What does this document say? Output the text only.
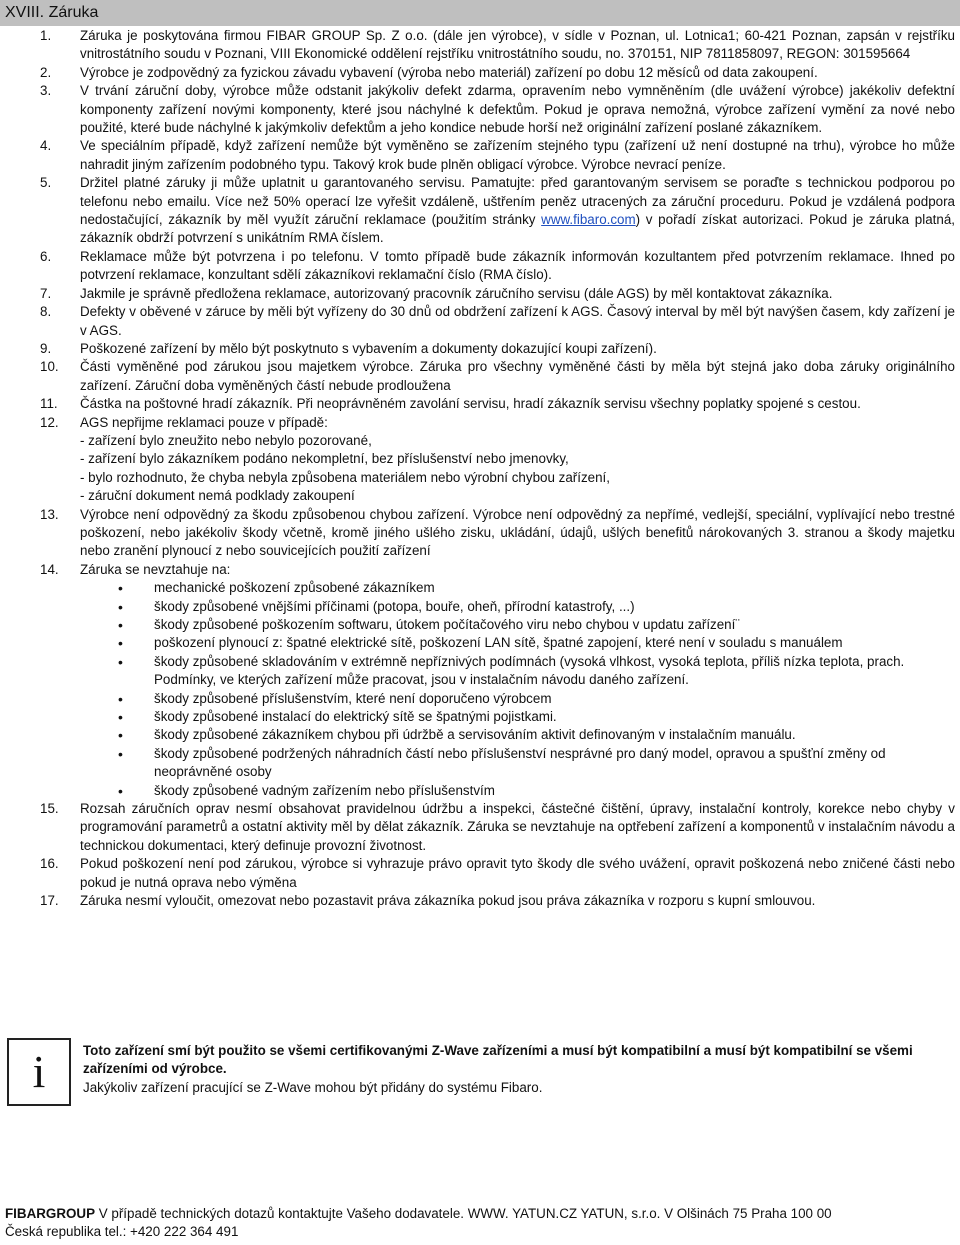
XVIII. Záruka
1.	Záruka je poskytována firmou FIBAR GROUP Sp. Z o.o. (dále jen výrobce), v sídle v Poznan, ul. Lotnica1; 60-421 Poznan, zapsán v rejstříku vnitrostátního soudu v Poznani, VIII Ekonomické oddělení rejstříku vnitrostátního soudu, no. 370151, NIP 7811858097, REGON: 301595664
2.	Výrobce je zodpovědný za fyzickou závadu vybavení (výroba nebo materiál) zařízení po dobu 12 měsíců od data zakoupení.
3.	V trvání záruční doby, výrobce může odstanit jakýkoliv defekt zdarma, opravením nebo vymněněním (dle uvážení výrobce) jakékoliv defektní komponenty zařízení novými komponenty, které jsou náchylné k defektům. Pokud je oprava nemožná, výrobce zařízení vymění za nové nebo použité, které bude náchylné k jakýmkoliv defektům a jeho kondice nebude horší než originální zařízení poslané zákazníkem.
4.	Ve speciálním případě, když zařízení nemůže být vyměněno se zařízením stejného typu (zařízení už není dostupné na trhu), výrobce ho může nahradit jiným zařízením podobného typu. Takový krok bude plněn obligací výrobce. Výrobce nevrací peníze.
5.	Držitel platné záruky ji může uplatnit u garantovaného servisu. Pamatujte: před garantovaným servisem se poraďte s technickou podporou po telefonu nebo emailu. Více než 50% operací lze vyřešit vzdáleně, uštřením peněz utracených za záruční proceduru. Pokud je vzdálená podpora nedostačující, zákazník by měl využít záruční reklamace (použitím stránky www.fibaro.com) v pořadí získat autorizaci. Pokud je záruka platná, zákazník obdrží potvrzení s unikátním RMA číslem.
6.	Reklamace může být potvrzena i po telefonu. V tomto případě bude zákazník informován kozultantem před potvrzením reklamace. Ihned po potvrzení reklamace, konzultant sdělí zákazníkovi reklamační číslo (RMA číslo).
7.	Jakmile je správně předložena reklamace, autorizovaný pracovník záručního servisu (dále AGS) by měl kontaktovat zákazníka.
8.	Defekty v oběvené v záruce by měli být vyřízeny do 30 dnů od obdržení zařízení k AGS. Časový interval by měl být navýšen časem, kdy zařízení je v AGS.
9.	Poškozené zařízení by mělo být poskytnuto s vybavením a dokumenty dokazující koupi zařízení).
10.	Části vyměněné pod zárukou jsou majetkem výrobce. Záruka pro všechny vyměněné části by měla být stejná jako doba záruky originálního zařízení. Záruční doba vyměněných částí nebude prodloužena
11.	Částka na poštovné hradí zákazník. Při neoprávněném zavolání servisu, hradí zákazník servisu všechny poplatky spojené s cestou.
12.	AGS nepřijme reklamaci pouze v případě:
- zařízení bylo zneužito nebo nebylo pozorované,
- zařízení bylo zákazníkem podáno nekompletní, bez příslušenství nebo jmenovky,
- bylo rozhodnuto, že chyba nebyla způsobena materiálem nebo výrobní chybou zařízení,
- záruční dokument nemá podklady zakoupení
13.	Výrobce není odpovědný za škodu způsobenou chybou zařízení. Výrobce není odpovědný za nepřímé, vedlejší, speciální, vyplívající nebo trestné poškození, nebo jakékoliv škody včetně, kromě jiného ušlého zisku, ukládání, údajů, ušlých benefitů nárokovaných 3. stranou a škody majetku nebo zranění plynoucí z nebo souvicejících použití zařízení
14.	Záruka se nevztahuje na:
• mechanické poškození způsobené zákazníkem
• škody způsobené vnějšími příčinami (potopa, bouře, oheň, přírodní katastrofy, ...)
• škody způsobené poškozením softwaru, útokem počítačového viru nebo chybou v updatu zařízení¨
• poškození plynoucí z: špatné elektrické sítě, poškození LAN sítě, špatné zapojení, které není v souladu s manuálem
• škody způsobené skladováním v extrémně nepříznivých podímnách (vysoká vlhkost, vysoká teplota, příliš nízka teplota, prach. Podmínky, ve kterých zařízení může pracovat, jsou v instalačním návodu daného zařízení.
• škody způsobené příslušenstvím, které není doporučeno výrobcem
• škody způsobené instalací do elektrický sítě se špatnými pojistkami.
• škody způsobené zákazníkem chybou při údržbě a servisováním aktivit definovaným v instalačním manuálu.
• škody způsobené podržených náhradních částí nebo příslušenství nesprávné pro daný model, opravou a spušťní změny od neoprávněné osoby
• škody způsobené vadným zařízením nebo příslušenstvím
15.	Rozsah záručních oprav nesmí obsahovat pravidelnou údržbu a inspekci, částečné čištění, úpravy, instalační kontroly, korekce nebo chyby v programování parametrů a ostatní aktivity měl by dělat zákazník. Záruka se nevztahuje na optřebení zařízení a komponentů v instalačním návodu a technickou dokumentaci, který definuje provozní životnost.
16.	Pokud poškození není pod zárukou, výrobce si vyhrazuje právo opravit tyto škody dle svého uvážení, opravit poškozená nebo zničené části nebo pokud je nutná oprava nebo výměna
17.	Záruka nesmí vyloučit, omezovat nebo pozastavit práva zákazníka pokud jsou práva zákazníka v rozporu s kupní smlouvou.
i	Toto zařízení smí být použito se všemi certifikovanými Z-Wave zařízeními a musí být kompatibilní a musí být kompatibilní se všemi zařízeními od výrobce.
Jakýkoliv zařízení pracující se Z-Wave mohou být přidány do systému Fibaro.
FIBARGROUP V případě technických dotazů kontaktujte Vašeho dodavatele. WWW. YATUN.CZ YATUN, s.r.o. V Olšinách 75 Praha 100 00
Česká republika tel.: +420 222 364 491
